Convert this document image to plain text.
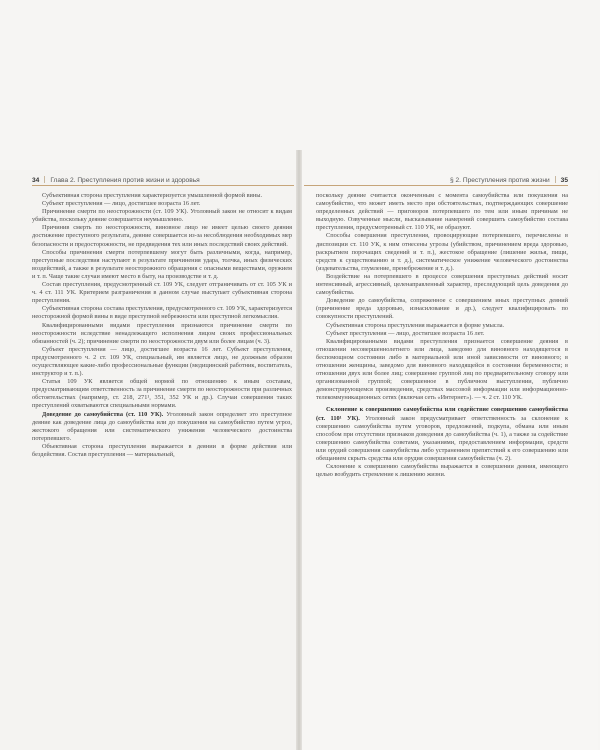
34 Глава 2. Преступления против жизни и здоровья

Субъективная сторона преступления характеризуется умышленной формой вины.

Субъект преступления — лицо, достигшее возраста 16 лет.

Причинение смерти по неосторожности (ст. 109 УК). Уголовный закон не относит к видам убийства, поскольку деяние совершается неумышленно.

Причинив смерть по неосторожности, виновное лицо не имеет целью своего деяния достижение преступного результата, деяние совершается из-за несоблюдения необходимых мер безопасности и предосторожности, не предвидения тех или иных последствий своих действий.

Способы причинения смерти потерпевшему могут быть различными, когда, например, преступные последствия наступают в результате причинения удара, толчка, иных физических воздействий, а также в результате неосторожного обращения с опасными веществами, оружием и т. п. Чаще такие случаи имеют место в быту, на производстве и т. д.

Состав преступления, предусмотренный ст. 109 УК, следует отграничивать от ст. 105 УК и ч. 4 ст. 111 УК. Критерием разграничения в данном случае выступает субъективная сторона преступления.

Субъективная сторона состава преступления, предусмотренного ст. 109 УК, характеризуется неосторожной формой вины в виде преступной небрежности или преступной легкомыслия.

Квалифицированными видами преступления признаются причинение смерти по неосторожности вследствие ненадлежащего исполнения лицом своих профессиональных обязанностей (ч. 2); причинение смерти по неосторожности двум или более лицам (ч. 3).

Субъект преступления — лицо, достигшее возраста 16 лет. Субъект преступления, предусмотренного ч. 2 ст. 109 УК, специальный, им является лицо, не должным образом осуществляющее какие-либо профессиональные функции (медицинский работник, воспитатель, инструктор и т. п.).

Статья 109 УК является общей нормой по отношению к иным составам, предусматривающим ответственность за причинение смерти по неосторожности при различных обстоятельствах (например, ст. 218, 271¹, 351, 352 УК и др.). Случаи совершения таких преступлений охватываются специальными нормами.

Доведение до самоубийства (ст. 110 УК). Уголовный закон определяет это преступное деяние как доведение лица до самоубийства или до покушения на самоубийство путем угроз, жестокого обращения или систематического унижения человеческого достоинства потерпевшего.

Объективная сторона преступления выражается в деянии в форме действия или бездействия. Состав преступления — материальный,

§ 2. Преступления против жизни 35

поскольку деяние считается оконченным с момента самоубийства или покушения на самоубийство, что может иметь место при обстоятельствах, подтверждающих совершение определенных действий — приговоров потерпевшего по тем или иным причинам не выходную. Озвученные мысли, высказывание намерений совершить самоубийство состава преступления, предусмотренный ст. 110 УК, не образуют.

Способы совершения преступления, провоцирующие потерпевшего, перечислены в диспозиции ст. 110 УК, к ним отнесены угрозы (убийством, причинением вреда здоровью, раскрытием порочащих сведений и т. п.), жестокое обращение (лишение жилья, пищи, средств к существованию и т. д.), систематическое унижение человеческого достоинства (издевательства, глумление, пренебрежение и т. д.).

Воздействие на потерпевшего в процессе совершения преступных действий носит интенсивный, агрессивный, целенаправленный характер, преследующий цель доведения до самоубийства.

Доведение до самоубийства, сопряженное с совершением иных преступных деяний (причинение вреда здоровью, изнасилование и др.), следует квалифицировать по совокупности преступлений.

Субъективная сторона преступления выражается в форме умысла.

Субъект преступления — лицо, достигшее возраста 16 лет.

Квалифицированными видами преступления признается совершение деяния в отношении несовершеннолетнего или лица, заведомо для виновного находящегося в беспомощном состоянии либо в материальной или иной зависимости от виновного; в отношении женщины, заведомо для виновного находящейся в состоянии беременности; в отношении двух или более лиц; совершение группой лиц по предварительному сговору или организованной группой; совершенное в публичном выступлении, публично демонстрирующемся произведении, средствах массовой информации или информационно-телекоммуникационных сетях (включая сеть «Интернет»). — ч. 2 ст. 110 УК.

Склонение к совершению самоубийства или содействие совершению самоубийства (ст. 110¹ УК). Уголовный закон предусматривает ответственность за склонение к совершению самоубийства путем уговоров, предложений, подкупа, обмана или иным способом при отсутствии признаков доведения до самоубийства (ч. 1), а также за содействие совершению самоубийства советами, указаниями, предоставлением информации, средств или орудий совершения самоубийства либо устранением препятствий к его совершению или обещанием скрыть средства или орудия совершения самоубийства (ч. 2).

Склонение к совершению самоубийства выражается в совершении деяния, имеющего целью возбудить стремление к лишению жизни.
